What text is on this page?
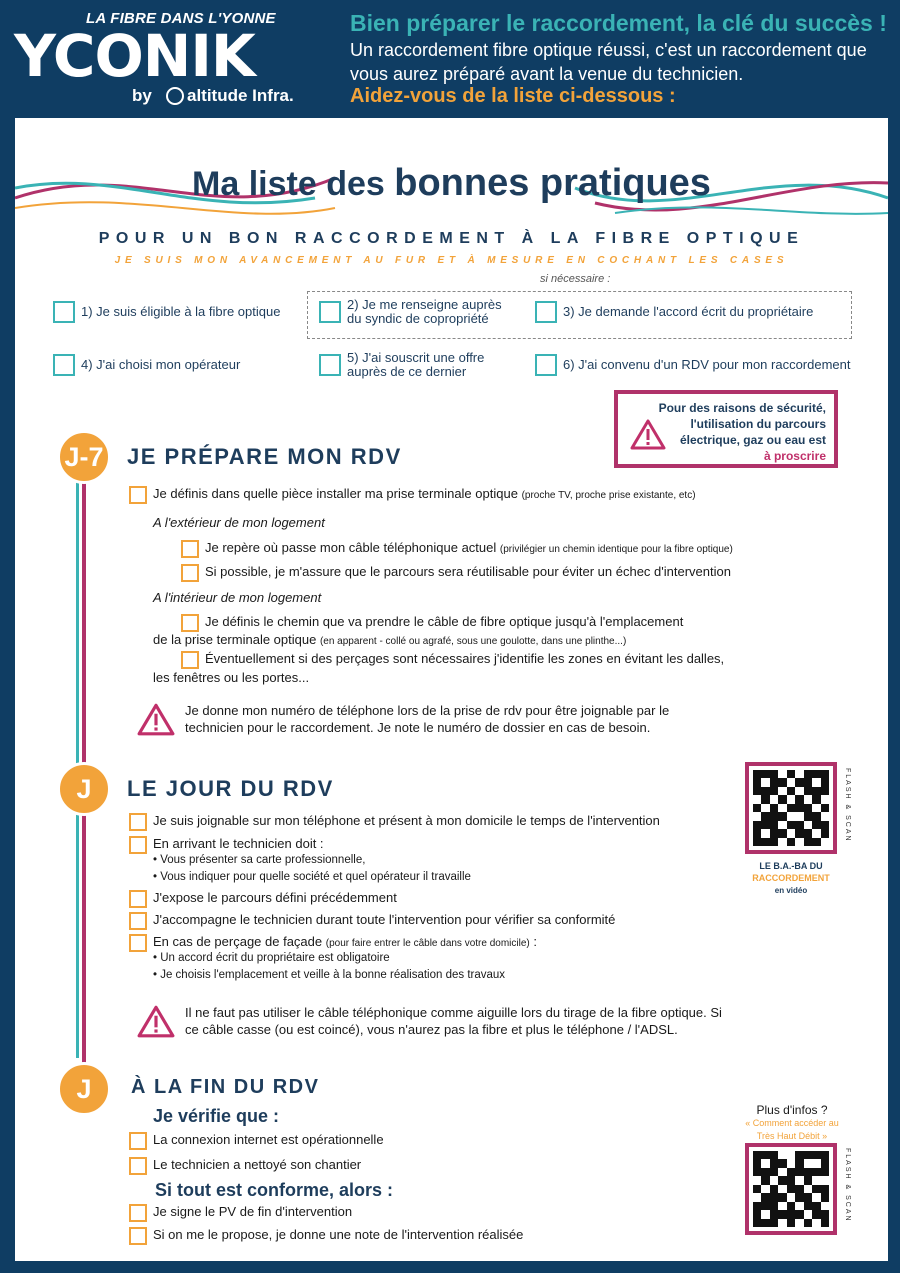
LA FIBRE DANS L'YONNE
YCONIK
by altitude Infra.
Bien préparer le raccordement, la clé du succès !
Un raccordement fibre optique réussi, c'est un raccordement que vous aurez préparé avant la venue du technicien.
Aidez-vous de la liste ci-dessous :
Ma liste des bonnes pratiques
POUR UN BON RACCORDEMENT À LA FIBRE OPTIQUE
JE SUIS MON AVANCEMENT AU FUR ET À MESURE EN COCHANT LES CASES
si nécessaire :
1) Je suis éligible à la fibre optique	2) Je me renseigne auprès du syndic de copropriété	3) Je demande l'accord écrit du propriétaire
4) J'ai choisi mon opérateur	5) J'ai souscrit une offre auprès de ce dernier	6) J'ai convenu d'un RDV pour mon raccordement
Pour des raisons de sécurité, l'utilisation du parcours électrique, gaz ou eau est
à proscrire
J-7	JE PRÉPARE MON RDV
Je définis dans quelle pièce installer ma prise terminale optique (proche TV, proche prise existante, etc)
A l'extérieur de mon logement
Je repère où passe mon câble téléphonique actuel (privilégier un chemin identique pour la fibre optique)
Si possible, je m'assure que le parcours sera réutilisable pour éviter un échec d'intervention
A l'intérieur de mon logement
Je définis le chemin que va prendre le câble de fibre optique jusqu'à l'emplacement
de la prise terminale optique (en apparent - collé ou agrafé, sous une goulotte, dans une plinthe...)
Éventuellement si des perçages sont nécessaires j'identifie les zones en évitant les dalles,
les fenêtres ou les portes...
Je donne mon numéro de téléphone lors de la prise de rdv pour être joignable par le technicien pour le raccordement. Je note le numéro de dossier en cas de besoin.
J	LE JOUR DU RDV
Je suis joignable sur mon téléphone et présent à mon domicile le temps de l'intervention
En arrivant le technicien doit :
• Vous présenter sa carte professionnelle,
• Vous indiquer pour quelle société et quel opérateur il travaille
J'expose le parcours défini précédemment
J'accompagne le technicien durant toute l'intervention pour vérifier sa conformité
En cas de perçage de façade (pour faire entrer le câble dans votre domicile) :
• Un accord écrit du propriétaire est obligatoire
• Je choisis l'emplacement et veille à la bonne réalisation des travaux
Il ne faut pas utiliser le câble téléphonique comme aiguille lors du tirage de la fibre optique. Si ce câble casse (ou est coincé), vous n'aurez pas la fibre et plus le téléphone / l'ADSL.
FLASH & SCAN
LE B.A.-BA DU
RACCORDEMENT
en vidéo
J	À LA FIN DU RDV
Je vérifie que :
La connexion internet est opérationnelle
Le technicien a nettoyé son chantier
Si tout est conforme, alors :
Je signe le PV de fin d'intervention
Si on me le propose, je donne une note de l'intervention réalisée
Plus d'infos ?
« Comment accéder au Très Haut Débit »
FLASH & SCAN
